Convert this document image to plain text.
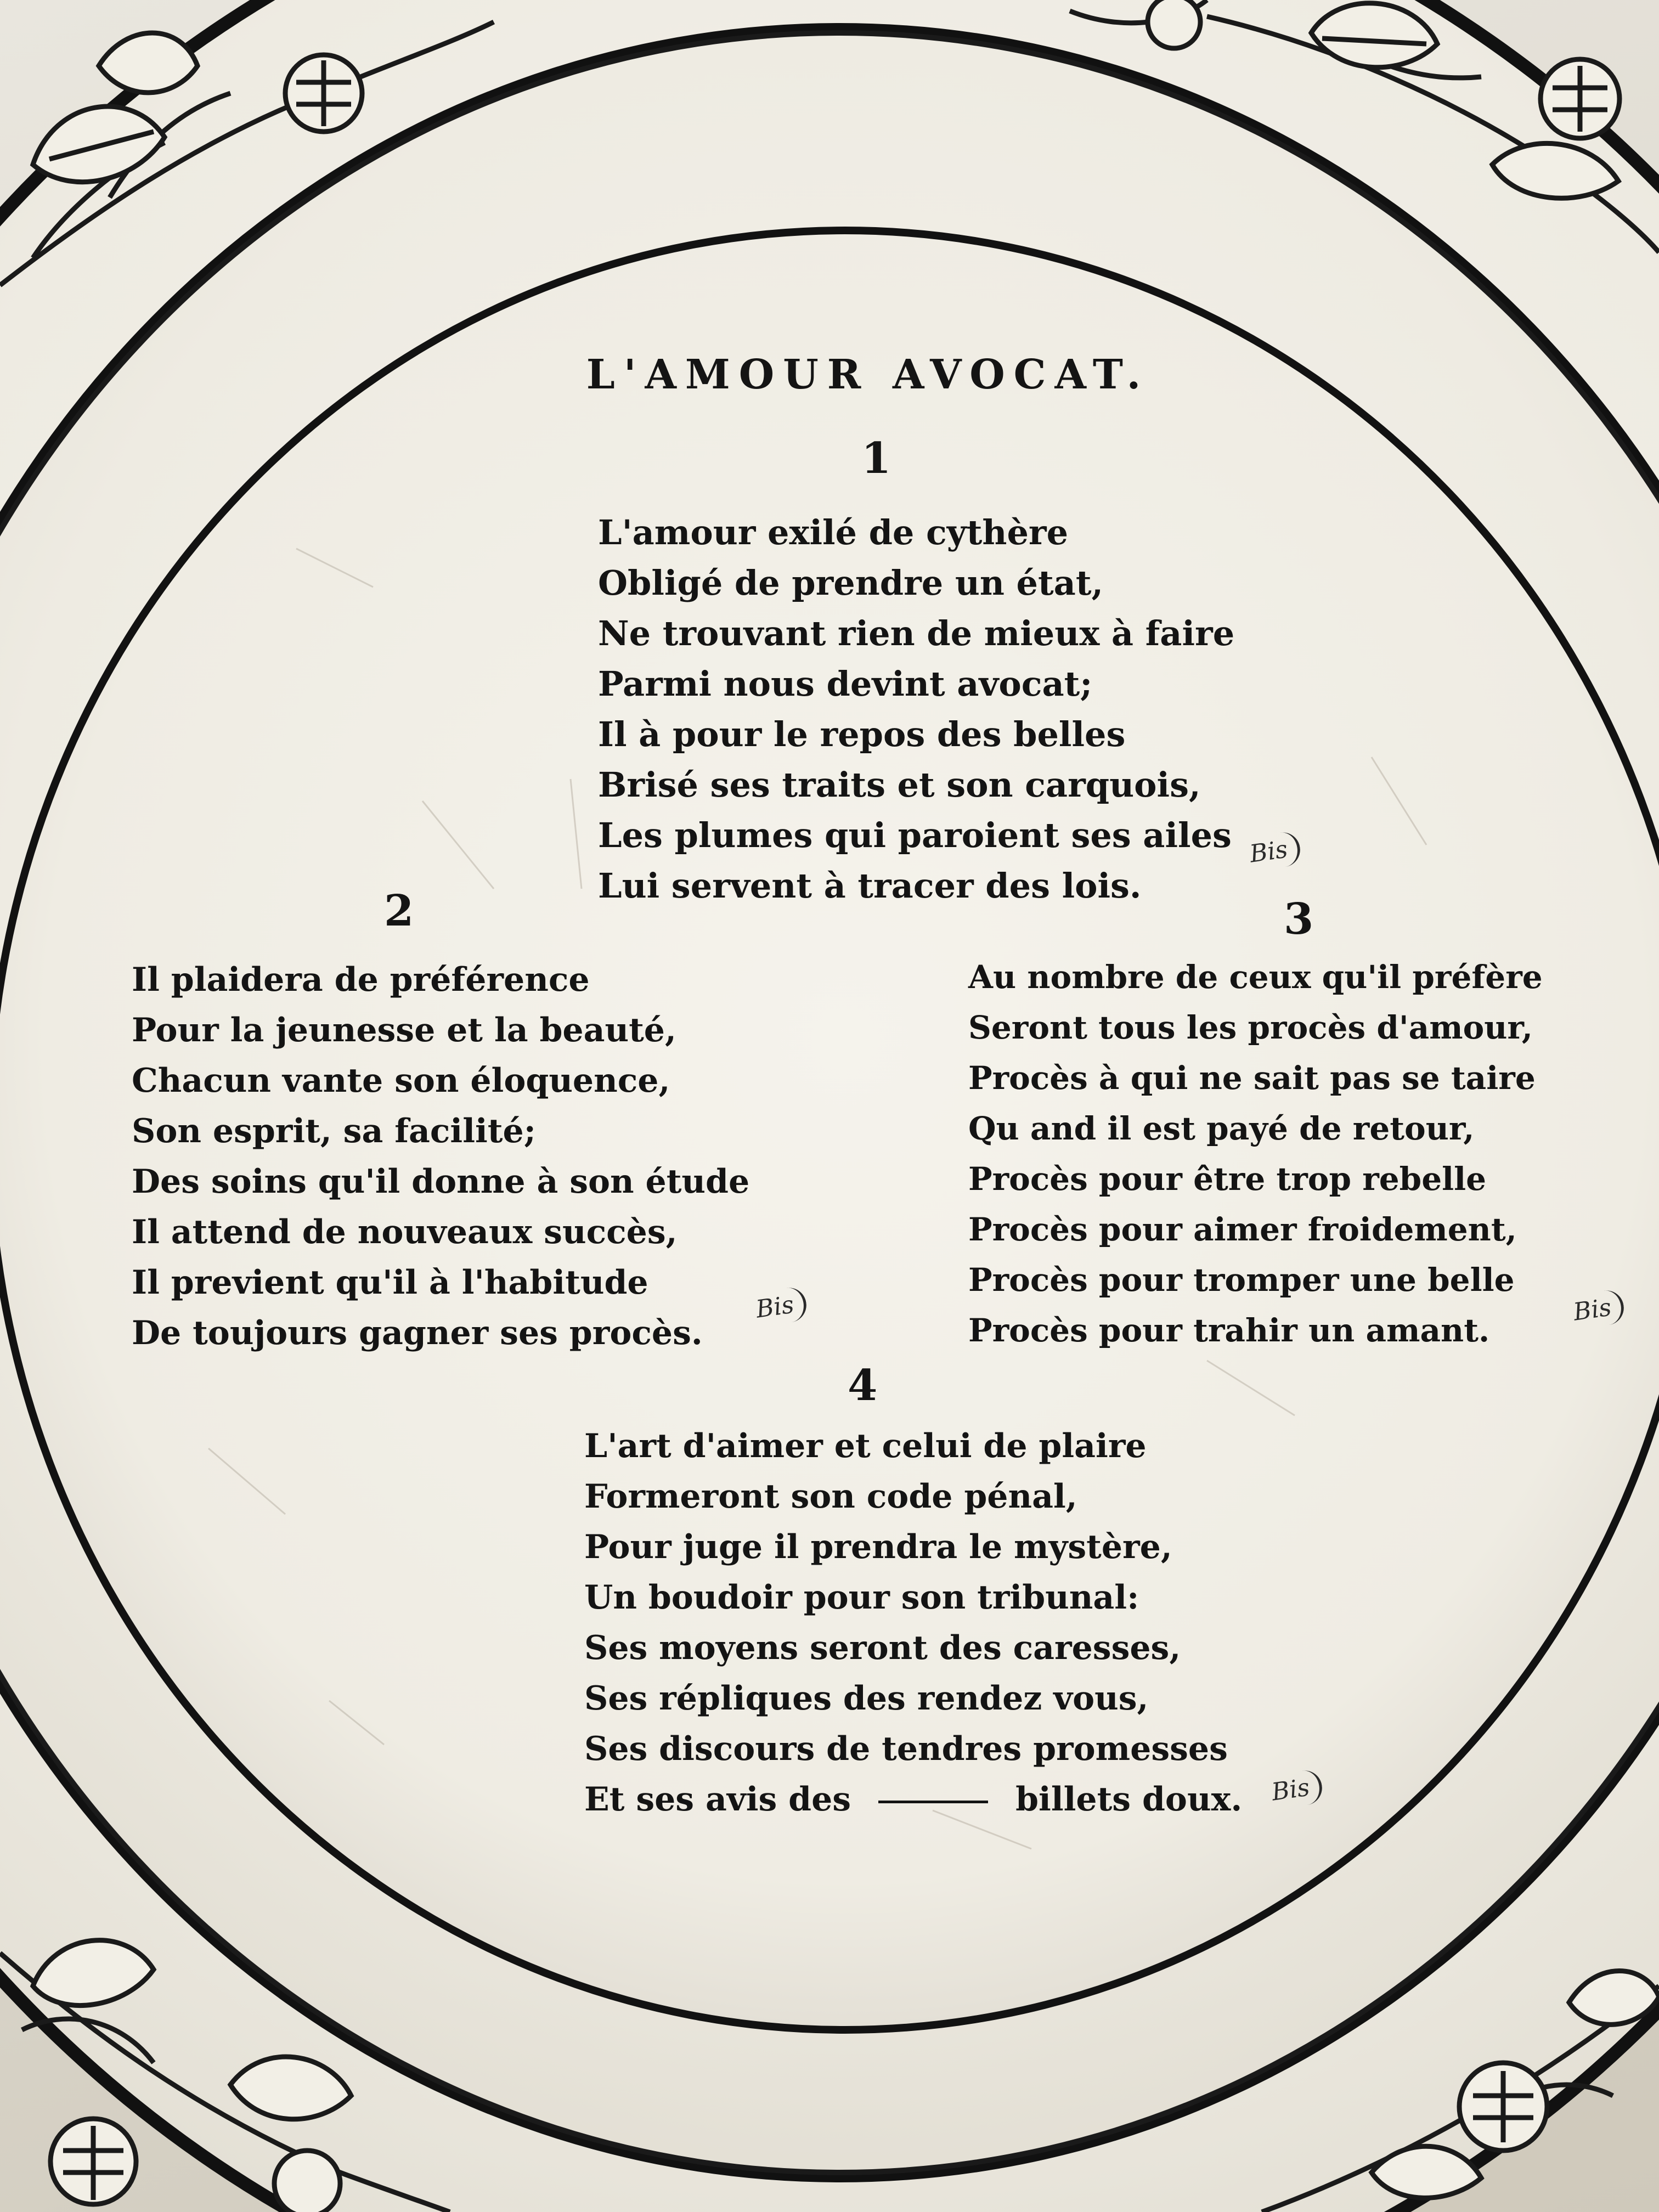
L'AMOUR AVOCAT.
1
L'amour exilé de cythère
Obligé de prendre un état,
Ne trouvant rien de mieux à faire
Parmi nous devint avocat;
Il à pour le repos des belles
Brisé ses traits et son carquois,
Les plumes qui paroient ses ailes
Lui servent à tracer des lois.
Bis
2
Il plaidera de préférence
Pour la jeunesse et la beauté,
Chacun vante son éloquence,
Son esprit, sa facilité;
Des soins qu'il donne à son étude
Il attend de nouveaux succès,
Il previent qu'il à l'habitude
De toujours gagner ses procès.
Bis
3
Au nombre de ceux qu'il préfère
Seront tous les procès d'amour,
Procès à qui ne sait pas se taire
Qu and il est payé de retour,
Procès pour être trop rebelle
Procès pour aimer froidement,
Procès pour tromper une belle
Procès pour trahir un amant.
Bis
4
L'art d'aimer et celui de plaire
Formeront son code pénal,
Pour juge il prendra le mystère,
Un boudoir pour son tribunal:
Ses moyens seront des caresses,
Ses répliques des rendez vous,
Ses discours de tendres promesses
Et ses avis des	billets doux. Bis
